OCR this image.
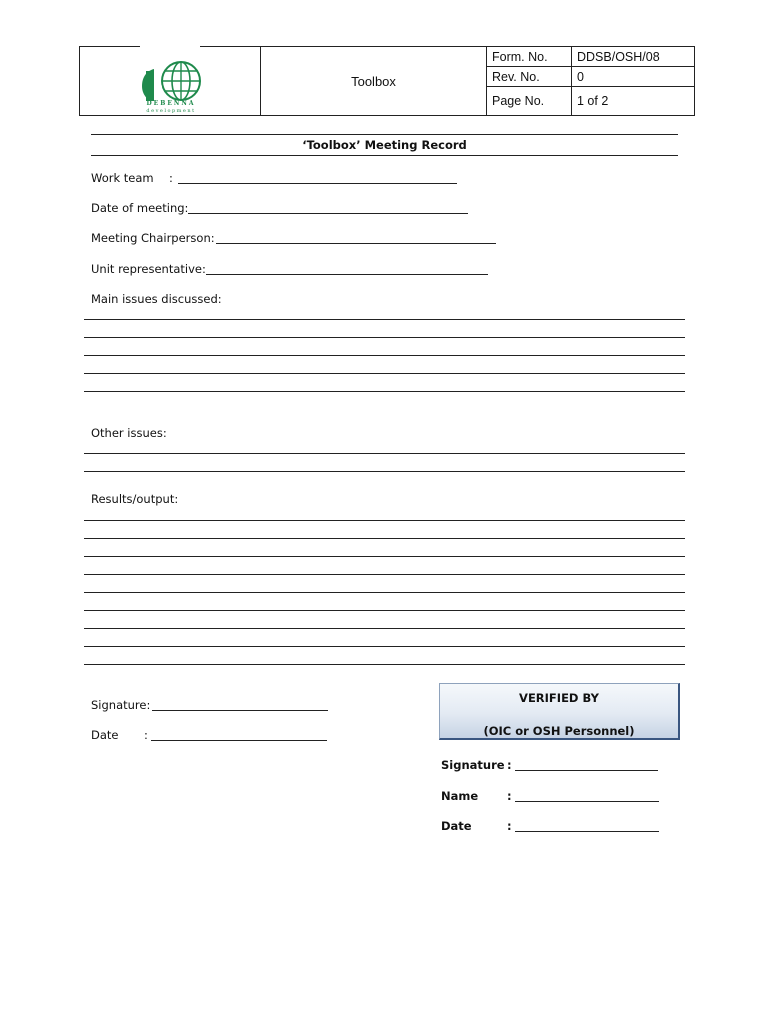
DEBENNA
development
Toolbox
Form. No.	DDSB/OSH/08
Rev. No.	0
Page No.	1 of 2
‘Toolbox’ Meeting Record
Work team :
Date of meeting:
Meeting Chairperson:
Unit representative:
Main issues discussed:
Other issues:
Results/output:
Signature:
Date :
VERIFIED BY
(OIC or OSH Personnel)
Signature :
Name	:
Date	:
